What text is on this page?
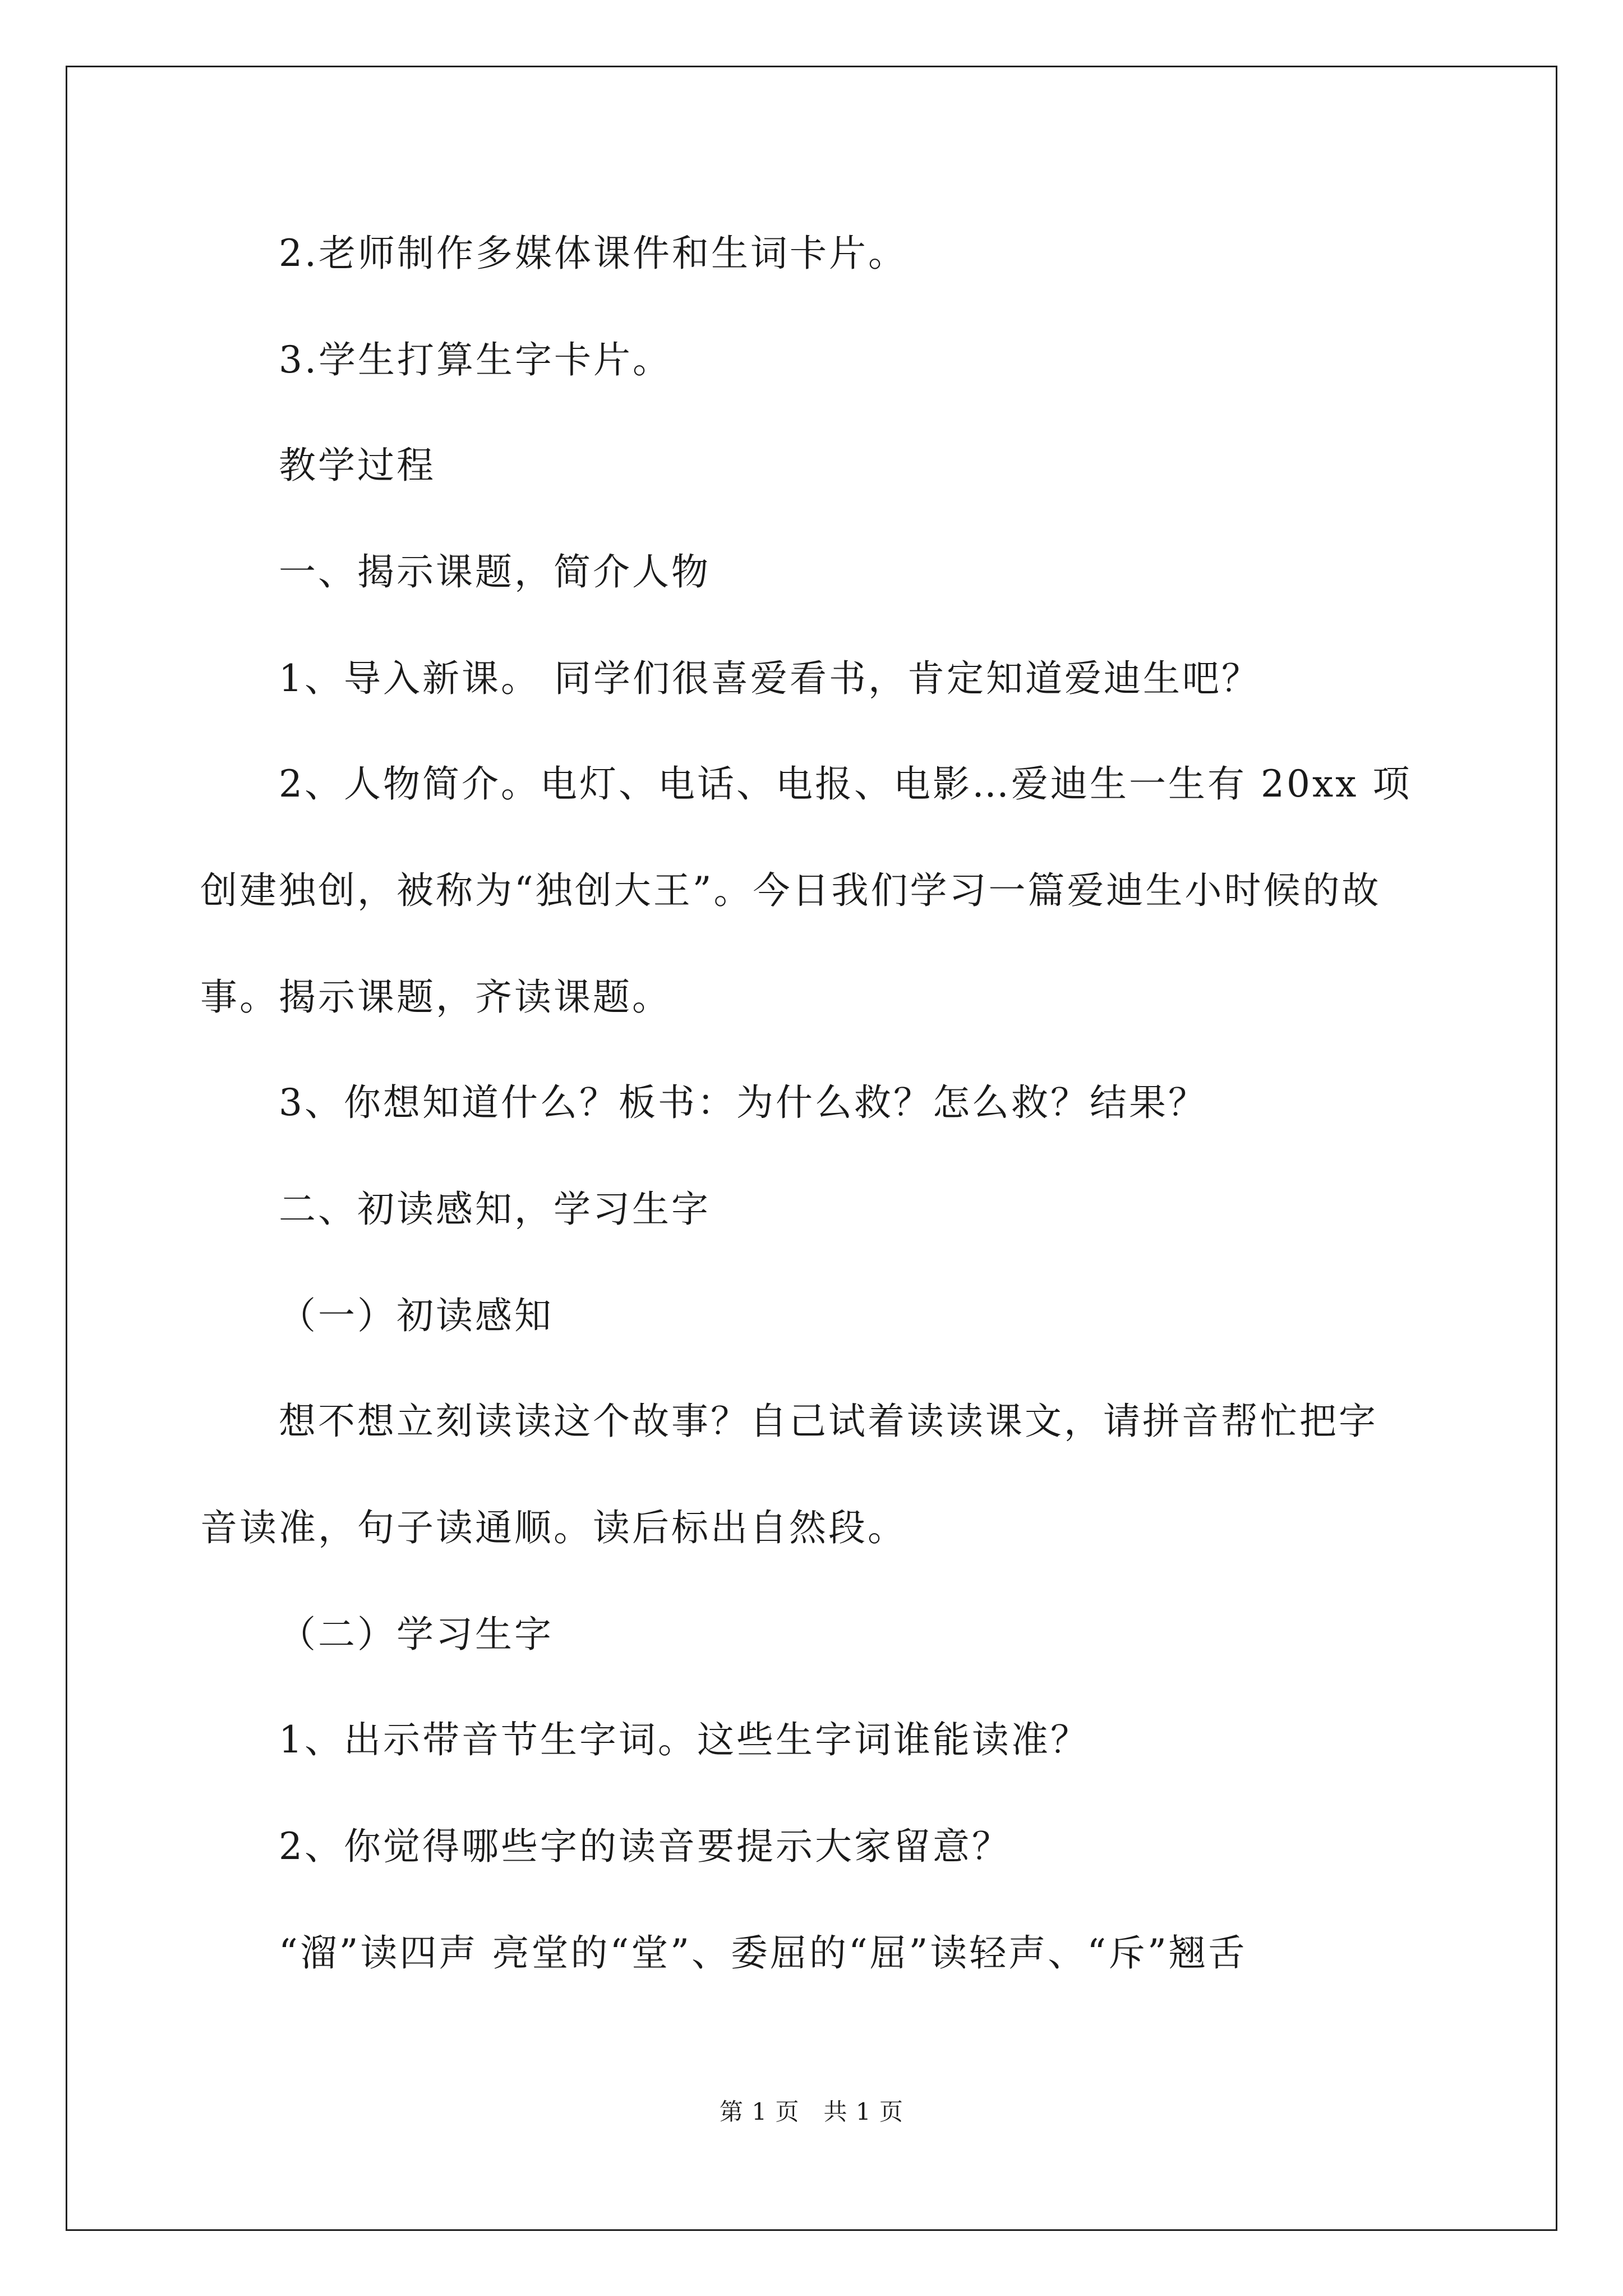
2.老师制作多媒体课件和生词卡片。
3.学生打算生字卡片。
教学过程
一、揭示课题，简介人物
1、导入新课。 同学们很喜爱看书，肯定知道爱迪生吧？
2、人物简介。电灯、电话、电报、电影…爱迪生一生有 20xx 项
创建独创，被称为“独创大王”。今日我们学习一篇爱迪生小时候的故
事。揭示课题，齐读课题。
3、你想知道什么？板书：为什么救？怎么救？结果？
二、初读感知，学习生字
（一）初读感知
想不想立刻读读这个故事？自己试着读读课文，请拼音帮忙把字
音读准，句子读通顺。读后标出自然段。
（二）学习生字
1、出示带音节生字词。这些生字词谁能读准？
2、你觉得哪些字的读音要提示大家留意？
“溜”读四声 亮堂的“堂”、委屈的“屈”读轻声、“斥”翘舌
第 1 页   共 1 页
